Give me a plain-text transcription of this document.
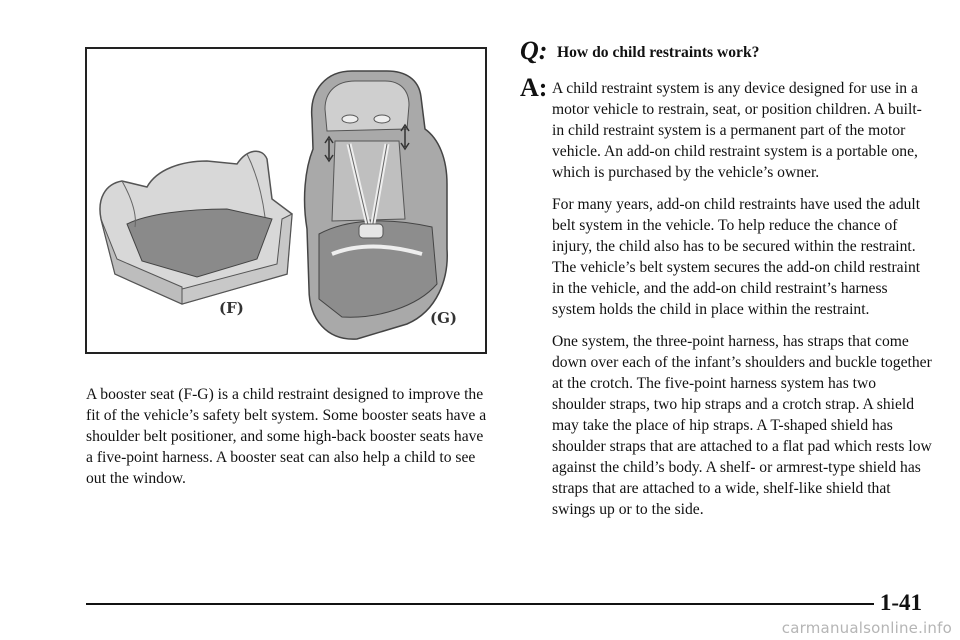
(F)
(G)

A booster seat (F-G) is a child restraint designed to improve the fit of the vehicle’s safety belt system. Some booster seats have a shoulder belt positioner, and some high-back booster seats have a five-point harness. A booster seat can also help a child to see out the window.

Q: How do child restraints work?
A: A child restraint system is any device designed for use in a motor vehicle to restrain, seat, or position children. A built-in child restraint system is a permanent part of the motor vehicle. An add-on child restraint system is a portable one, which is purchased by the vehicle’s owner.

For many years, add-on child restraints have used the adult belt system in the vehicle. To help reduce the chance of injury, the child also has to be secured within the restraint. The vehicle’s belt system secures the add-on child restraint in the vehicle, and the add-on child restraint’s harness system holds the child in place within the restraint.

One system, the three-point harness, has straps that come down over each of the infant’s shoulders and buckle together at the crotch. The five-point harness system has two shoulder straps, two hip straps and a crotch strap. A shield may take the place of hip straps. A T-shaped shield has shoulder straps that are attached to a flat pad which rests low against the child’s body. A shelf- or armrest-type shield has straps that are attached to a wide, shelf-like shield that swings up or to the side.

1-41
carmanualsonline.info
